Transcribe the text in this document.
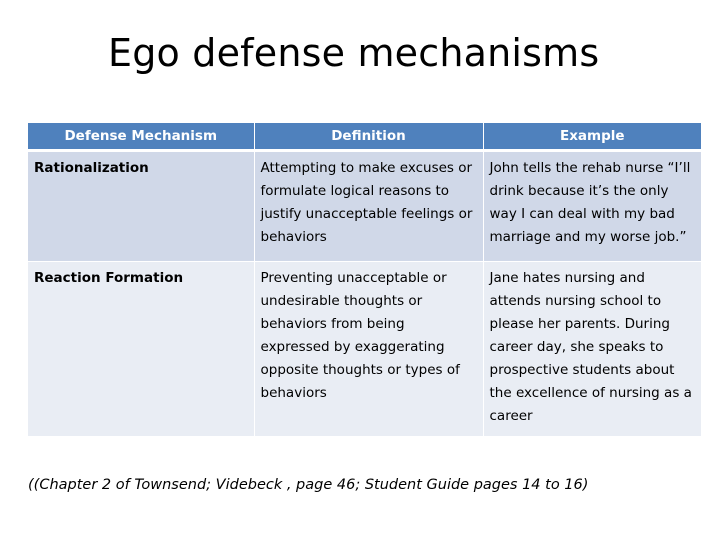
Ego defense mechanisms
Defense Mechanism	Definition	Example
Rationalization	Attempting to make excuses or formulate logical reasons to justify unacceptable feelings or behaviors	John tells the rehab nurse “I’ll drink because it’s the only way I can deal with my bad marriage and my worse job.”
Reaction Formation	Preventing unacceptable or undesirable thoughts or behaviors from being expressed by exaggerating opposite thoughts or types of behaviors	Jane hates nursing and attends nursing school to please her parents. During career day, she speaks to prospective students about the excellence of nursing as a career
((Chapter 2 of Townsend; Videbeck , page 46; Student Guide pages 14 to 16)
